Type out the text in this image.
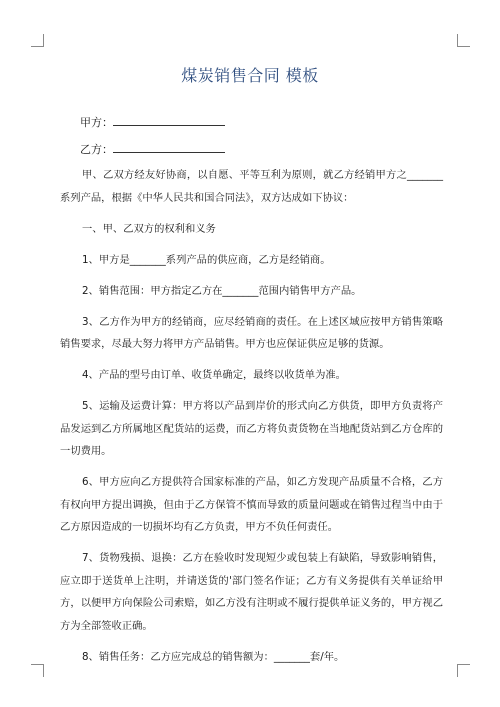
煤炭销售合同 模板
甲方：
乙方：

甲、乙双方经友好协商，以自愿、平等互利为原则，就乙方经销甲方之_______系列产品，根据《中华人民共和国合同法》，双方达成如下协议：

一、甲、乙双方的权利和义务

1、甲方是_______系列产品的供应商，乙方是经销商。

2、销售范围：甲方指定乙方在_______范围内销售甲方产品。

3、乙方作为甲方的经销商，应尽经销商的责任。在上述区域应按甲方销售策略销售要求，尽最大努力将甲方产品销售。甲方也应保证供应足够的货源。

4、产品的型号由订单、收货单确定，最终以收货单为准。

5、运输及运费计算：甲方将以产品到岸价的形式向乙方供货，即甲方负责将产品发运到乙方所属地区配货站的运费，而乙方将负责货物在当地配货站到乙方仓库的一切费用。

6、甲方应向乙方提供符合国家标准的产品，如乙方发现产品质量不合格，乙方有权向甲方提出调换，但由于乙方保管不慎而导致的质量问题或在销售过程当中由于乙方原因造成的一切损坏均有乙方负责，甲方不负任何责任。

7、货物残损、退换：乙方在验收时发现短少或包装上有缺陷，导致影响销售，应立即于送货单上注明，并请送货的'部门签名作证；乙方有义务提供有关单证给甲方，以便甲方向保险公司索赔，如乙方没有注明或不履行提供单证义务的，甲方视乙方为全部签收正确。

8、销售任务：乙方应完成总的销售额为：_______套/年。
